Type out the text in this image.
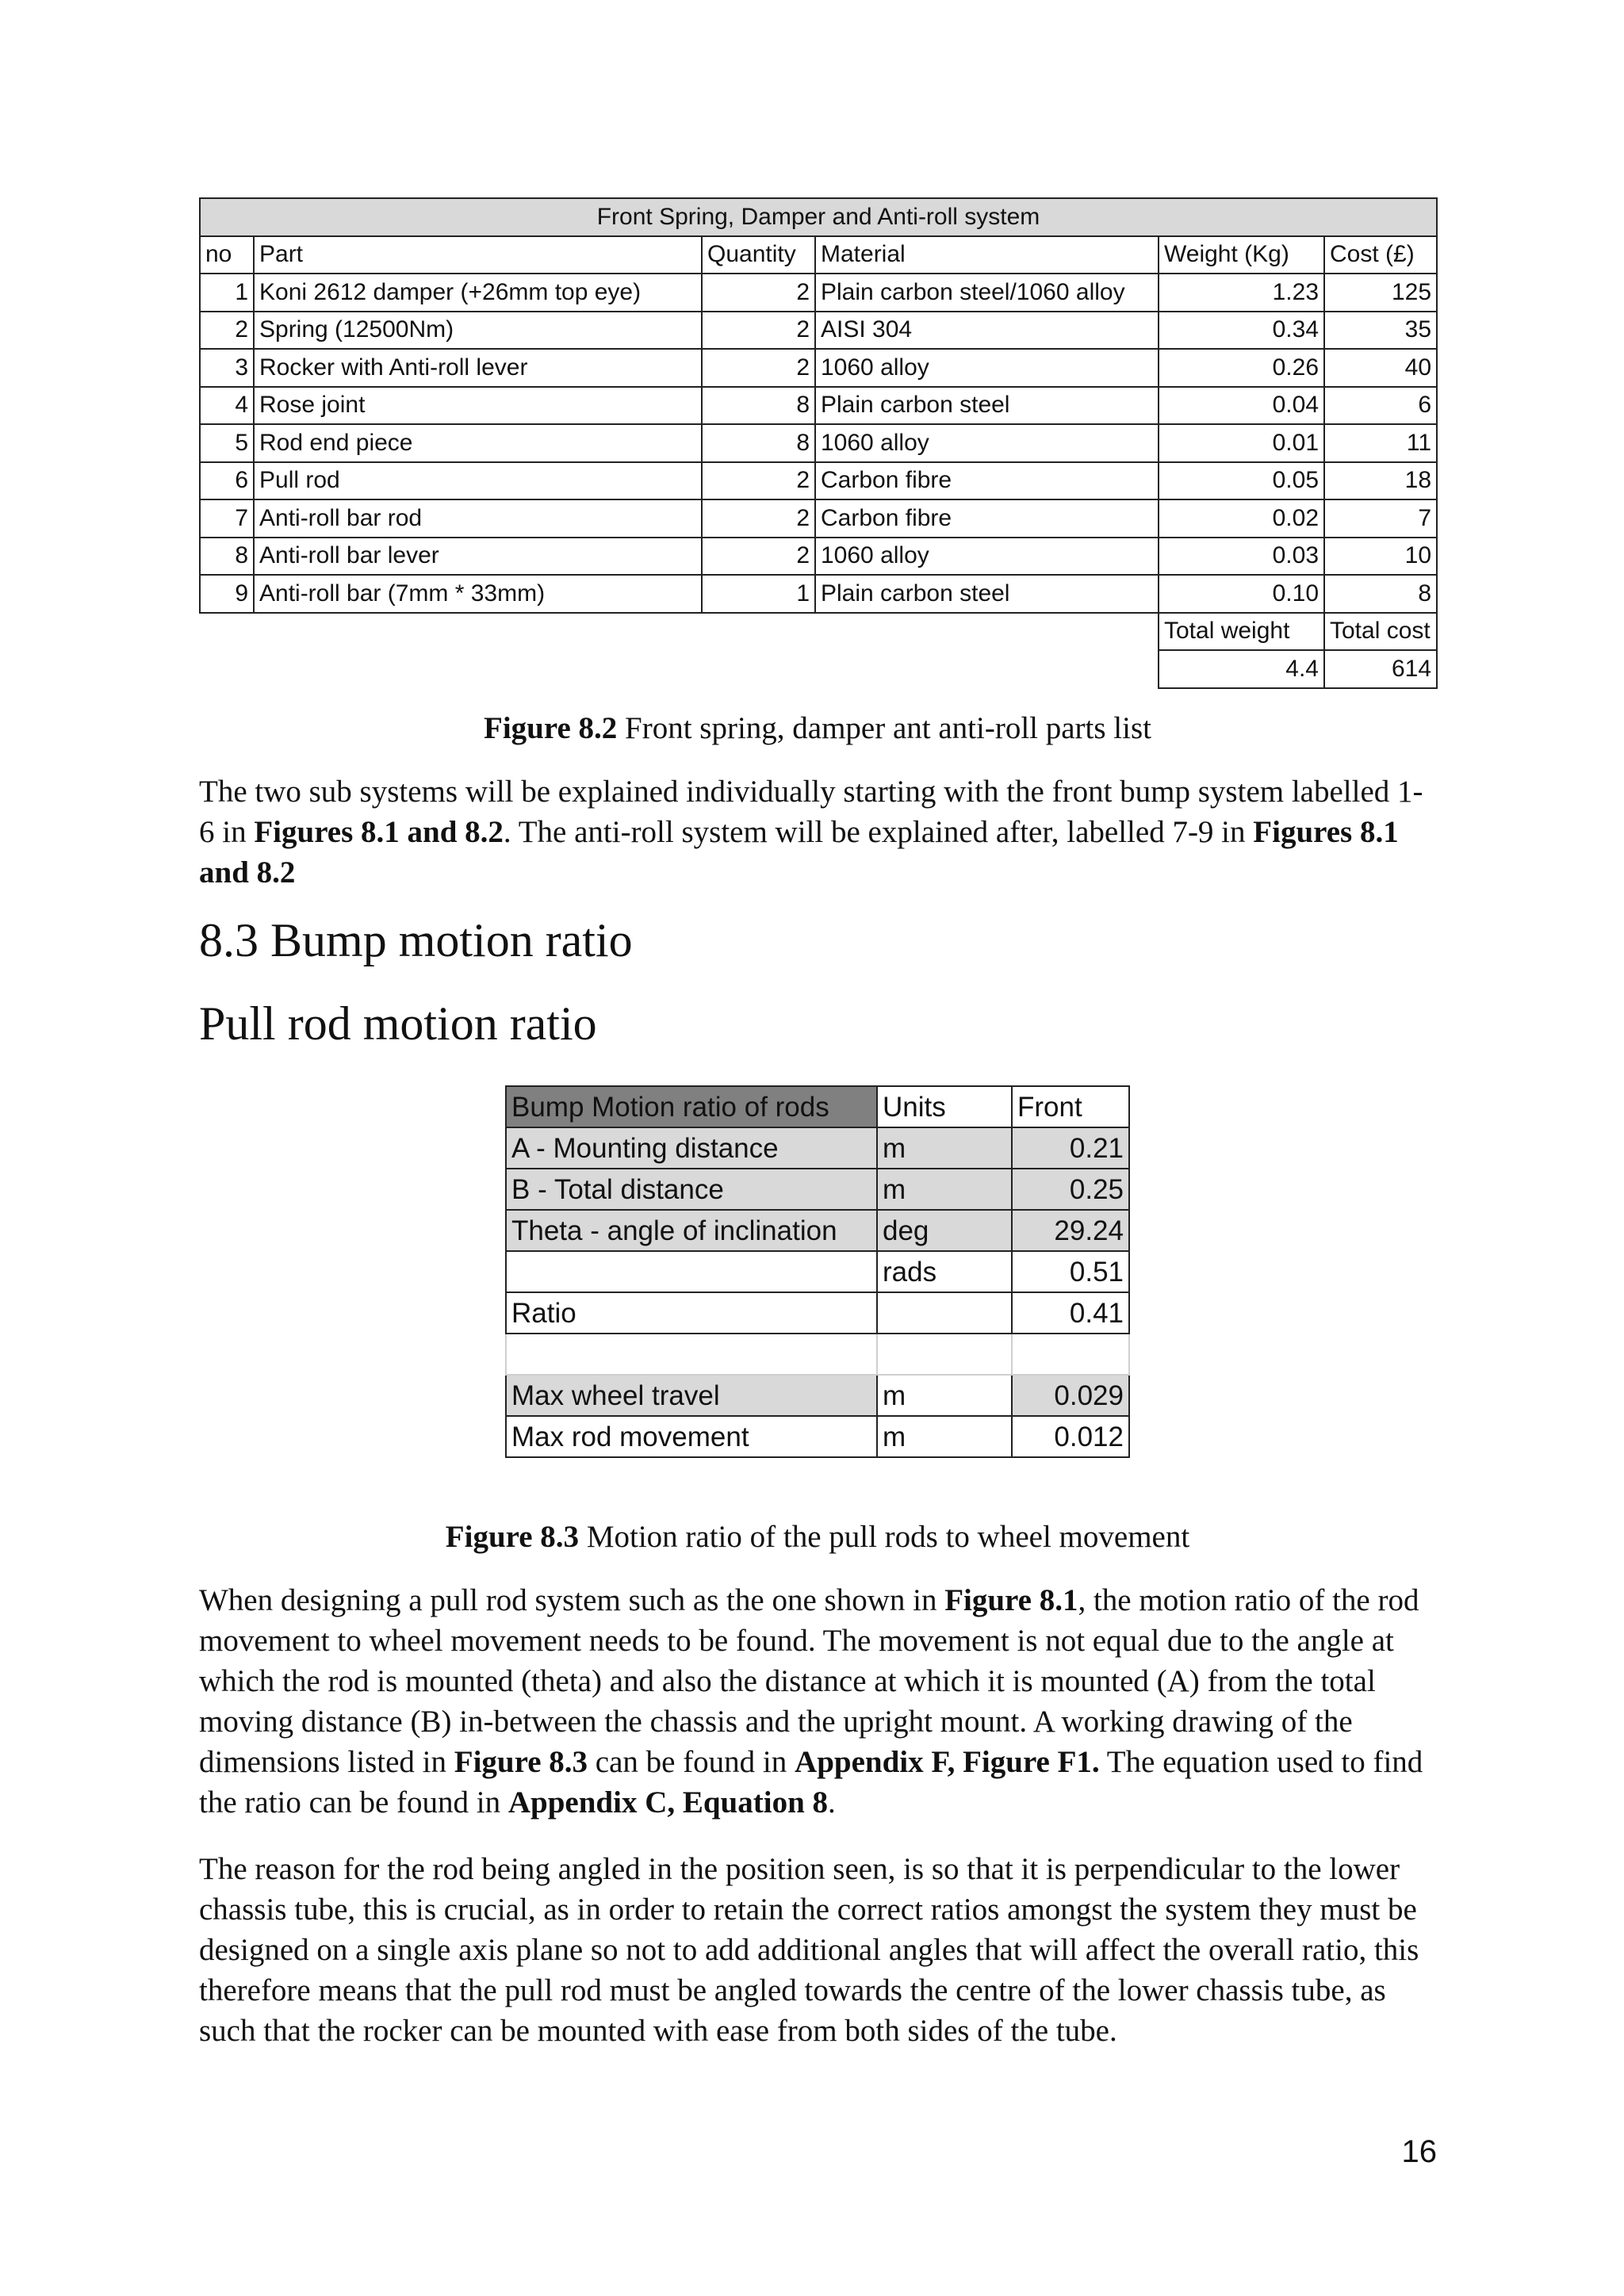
Front Spring, Damper and Anti-roll system					
no	Part	Quantity	Material	Weight (Kg)	Cost (£)
1	Koni 2612 damper (+26mm top eye)	2	Plain carbon steel/1060 alloy	1.23	125
2	Spring (12500Nm)	2	AISI 304	0.34	35
3	Rocker with Anti-roll lever	2	1060 alloy	0.26	40
4	Rose joint	8	Plain carbon steel	0.04	6
5	Rod end piece	8	1060 alloy	0.01	11
6	Pull rod	2	Carbon fibre	0.05	18
7	Anti-roll bar rod	2	Carbon fibre	0.02	7
8	Anti-roll bar lever	2	1060 alloy	0.03	10
9	Anti-roll bar (7mm * 33mm)	1	Plain carbon steel	0.10	8
				Total weight	Total cost
				4.4	614
Figure 8.2 Front spring, damper ant anti-roll parts list

The two sub systems will be explained individually starting with the front bump system labelled 1-6 in Figures 8.1 and 8.2. The anti-roll system will be explained after, labelled 7-9 in Figures 8.1 and 8.2

8.3 Bump motion ratio
Pull rod motion ratio
Bump Motion ratio of rods	Units	Front
A - Mounting distance	m	0.21
B - Total distance	m	0.25
Theta - angle of inclination	deg	29.24
	rads	0.51
Ratio		0.41

Max wheel travel	m	0.029
Max rod movement	m	0.012
Figure 8.3 Motion ratio of the pull rods to wheel movement

When designing a pull rod system such as the one shown in Figure 8.1, the motion ratio of the rod movement to wheel movement needs to be found. The movement is not equal due to the angle at which the rod is mounted (theta) and also the distance at which it is mounted (A) from the total moving distance (B) in-between the chassis and the upright mount. A working drawing of the dimensions listed in Figure 8.3 can be found in Appendix F, Figure F1. The equation used to find the ratio can be found in Appendix C, Equation 8.

The reason for the rod being angled in the position seen, is so that it is perpendicular to the lower chassis tube, this is crucial, as in order to retain the correct ratios amongst the system they must be designed on a single axis plane so not to add additional angles that will affect the overall ratio, this therefore means that the pull rod must be angled towards the centre of the lower chassis tube, as such that the rocker can be mounted with ease from both sides of the tube.

16
